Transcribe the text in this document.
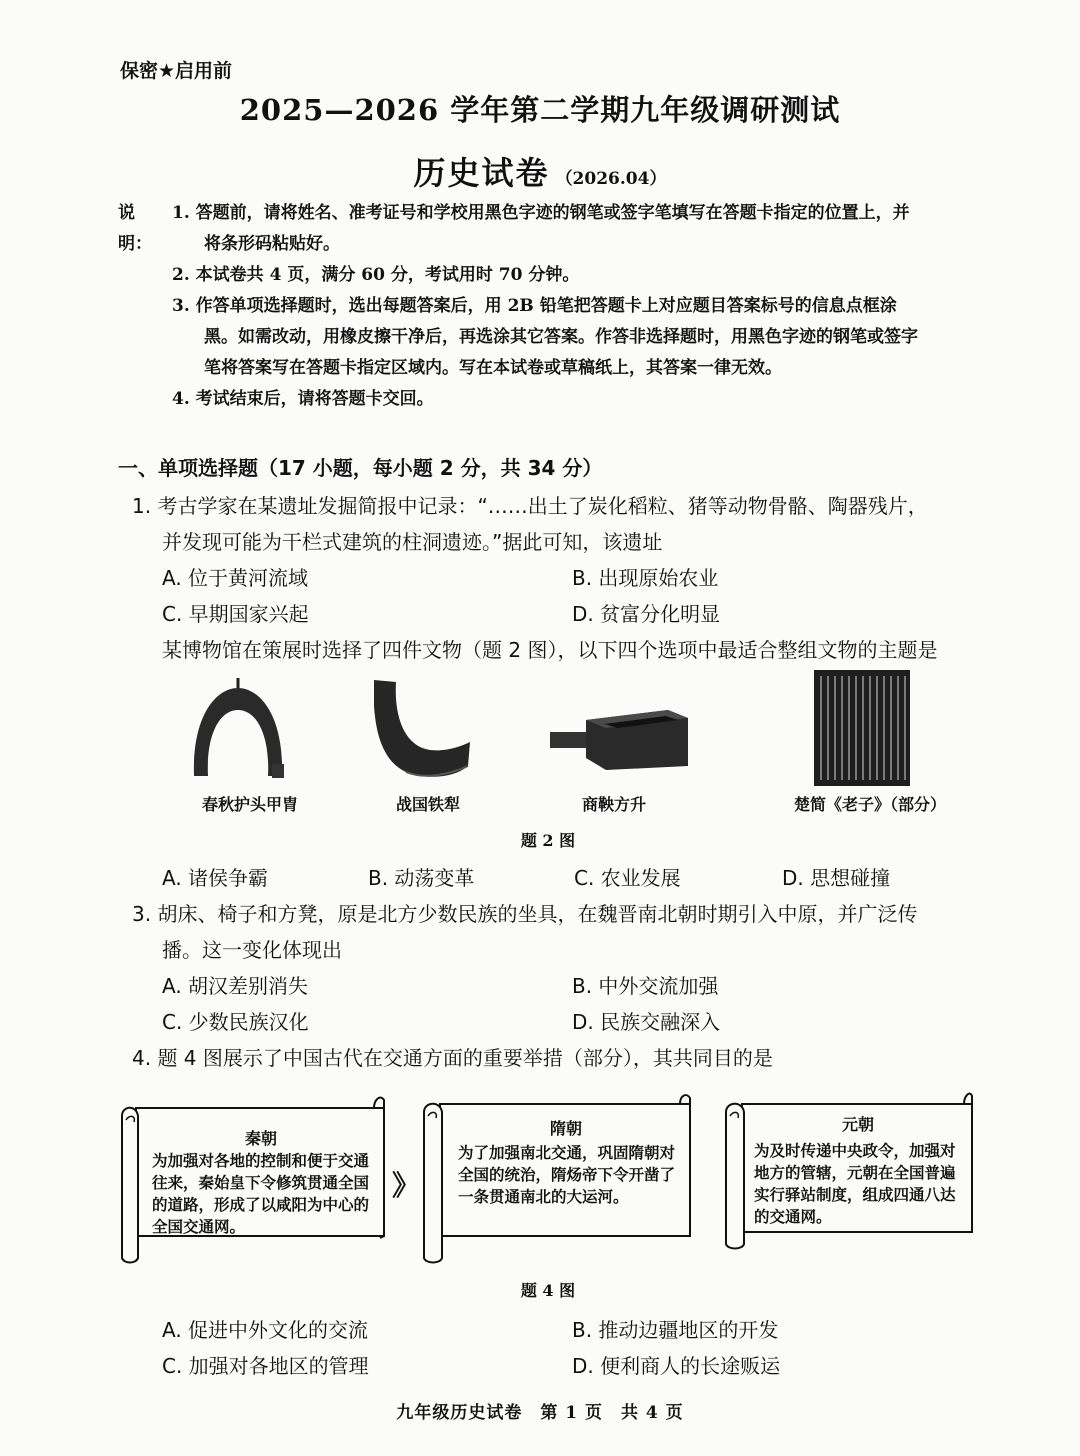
保密★启用前
2025—2026 学年第二学期九年级调研测试
历史试卷 （2026.04）
说明：
1. 答题前，请将姓名、准考证号和学校用黑色字迹的钢笔或签字笔填写在答题卡指定的位置上，并
将条形码粘贴好。
2. 本试卷共 4 页，满分 60 分，考试用时 70 分钟。
3. 作答单项选择题时，选出每题答案后，用 2B 铅笔把答题卡上对应题目答案标号的信息点框涂
黑。如需改动，用橡皮擦干净后，再选涂其它答案。作答非选择题时，用黑色字迹的钢笔或签字
笔将答案写在答题卡指定区域内。写在本试卷或草稿纸上，其答案一律无效。
4. 考试结束后，请将答题卡交回。
一、单项选择题（17 小题，每小题 2 分，共 34 分）
1. 考古学家在某遗址发掘简报中记录：“……出土了炭化稻粒、猪等动物骨骼、陶器残片，
并发现可能为干栏式建筑的柱洞遗迹。”据此可知，该遗址
A. 位于黄河流域	B. 出现原始农业
C. 早期国家兴起	D. 贫富分化明显
某博物馆在策展时选择了四件文物（题 2 图），以下四个选项中最适合整组文物的主题是
春秋护头甲胄	战国铁犁	商鞅方升	楚简《老子》（部分）
题 2 图
A. 诸侯争霸	B. 动荡变革	C. 农业发展	D. 思想碰撞
3. 胡床、椅子和方凳，原是北方少数民族的坐具，在魏晋南北朝时期引入中原，并广泛传
播。这一变化体现出
A. 胡汉差别消失	B. 中外交流加强
C. 少数民族汉化	D. 民族交融深入
4. 题 4 图展示了中国古代在交通方面的重要举措（部分），其共同目的是
秦朝
为加强对各地的控制和便于交通往来，秦始皇下令修筑贯通全国的道路，形成了以咸阳为中心的全国交通网。
》
隋朝
为了加强南北交通，巩固隋朝对全国的统治，隋炀帝下令开凿了一条贯通南北的大运河。
元朝
为及时传递中央政令，加强对地方的管辖，元朝在全国普遍实行驿站制度，组成四通八达的交通网。
题 4 图
A. 促进中外文化的交流	B. 推动边疆地区的开发
C. 加强对各地区的管理	D. 便利商人的长途贩运
九年级历史试卷　第 1 页　共 4 页
